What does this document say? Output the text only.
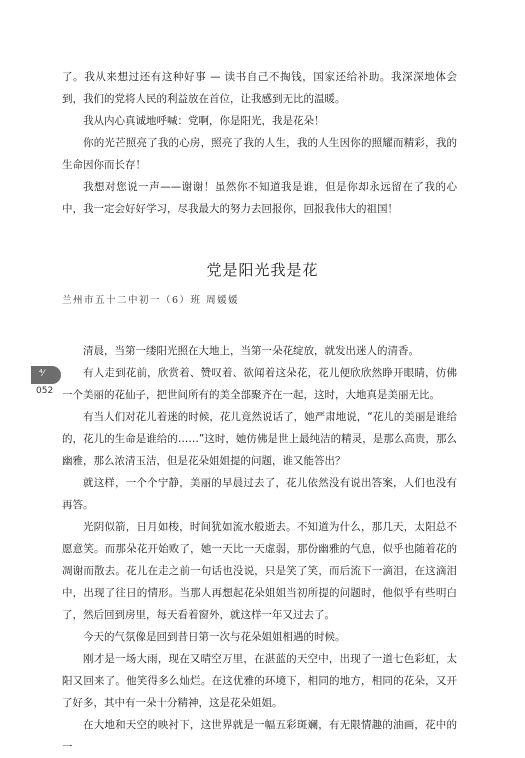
了。我从来想过还有这种好事 — 读书自己不掏钱，国家还给补助。我深深地体会到，我们的党将人民的利益放在首位，让我感到无比的温暖。

我从内心真诚地呼喊：党啊，你是阳光，我是花朵！

你的光芒照亮了我的心房，照亮了我的人生，我的人生因你的照耀而精彩，我的生命因你而长存！

我想对您说一声——谢谢！虽然你不知道我是谁，但是你却永远留在了我的心中，我一定会好好学习，尽我最大的努力去回报你，回报我伟大的祖国！

党是阳光我是花
兰州市五十二中初一（6）班 周媛媛
⁴⁄
052

清晨，当第一缕阳光照在大地上，当第一朵花绽放，就发出迷人的清香。

有人走到花前，欣赏着、赞叹着、欲闻着这朵花，花儿便欣欣然睁开眼睛，仿佛一个美丽的花仙子，把世间所有的美全部聚齐在一起，这时，大地真是美丽无比。

有当人们对花儿着迷的时候，花儿竟然说话了，她严肃地说，“花儿的美丽是谁给的，花儿的生命是谁给的……”这时，她仿佛是世上最纯洁的精灵，是那么高贵，那么幽雅，那么浓清玉洁，但是花朵姐姐提的问题，谁又能答出？

就这样，一个个宁静，美丽的早晨过去了，花儿依然没有说出答案，人们也没有再答。

光阴似箭，日月如梭，时间犹如流水般逝去。不知道为什么，那几天，太阳总不愿意笑。而那朵花开始败了，她一天比一天虚弱，那份幽雅的气息，似乎也随着花的凋谢而散去。花儿在走之前一句话也没说，只是笑了笑，而后流下一滴泪，在这滴泪中，出现了往日的情形。当那人再想起花朵姐姐当初所提的问题时，他似乎有些明白了，然后回到房里，每天看着窗外，就这样一年又过去了。

今天的气氛像是回到昔日第一次与花朵姐姐相遇的时候。

刚才是一场大雨，现在又晴空万里，在湛蓝的天空中，出现了一道七色彩虹，太阳又回来了。他笑得多么灿烂。在这优雅的环境下，相同的地方，相同的花朵，又开了好多，其中有一朵十分精神，这是花朵姐姐。

在大地和天空的映衬下，这世界就是一幅五彩斑斓，有无限情趣的油画，花中的一
